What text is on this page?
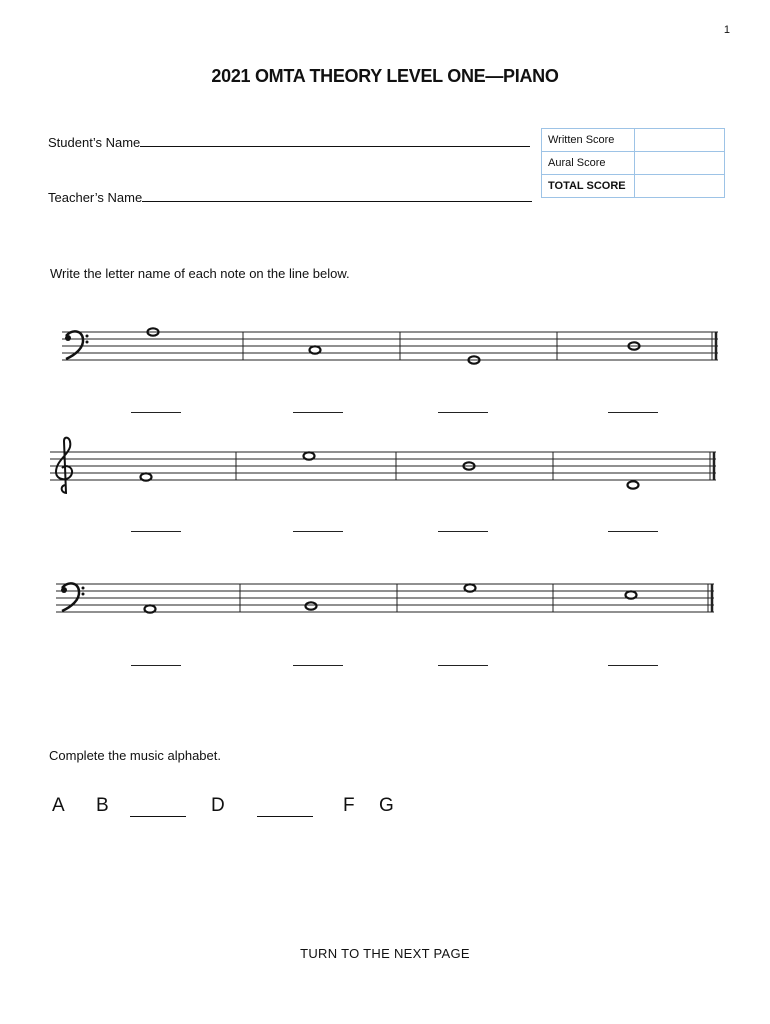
1
2021 OMTA THEORY LEVEL ONE—PIANO
Student’s Name
Teacher’s Name
Written Score	
Aural Score	
TOTAL SCORE	
Write the letter name of each note on the line below.
Complete the music alphabet.
A B	D	F G
TURN TO THE NEXT PAGE
